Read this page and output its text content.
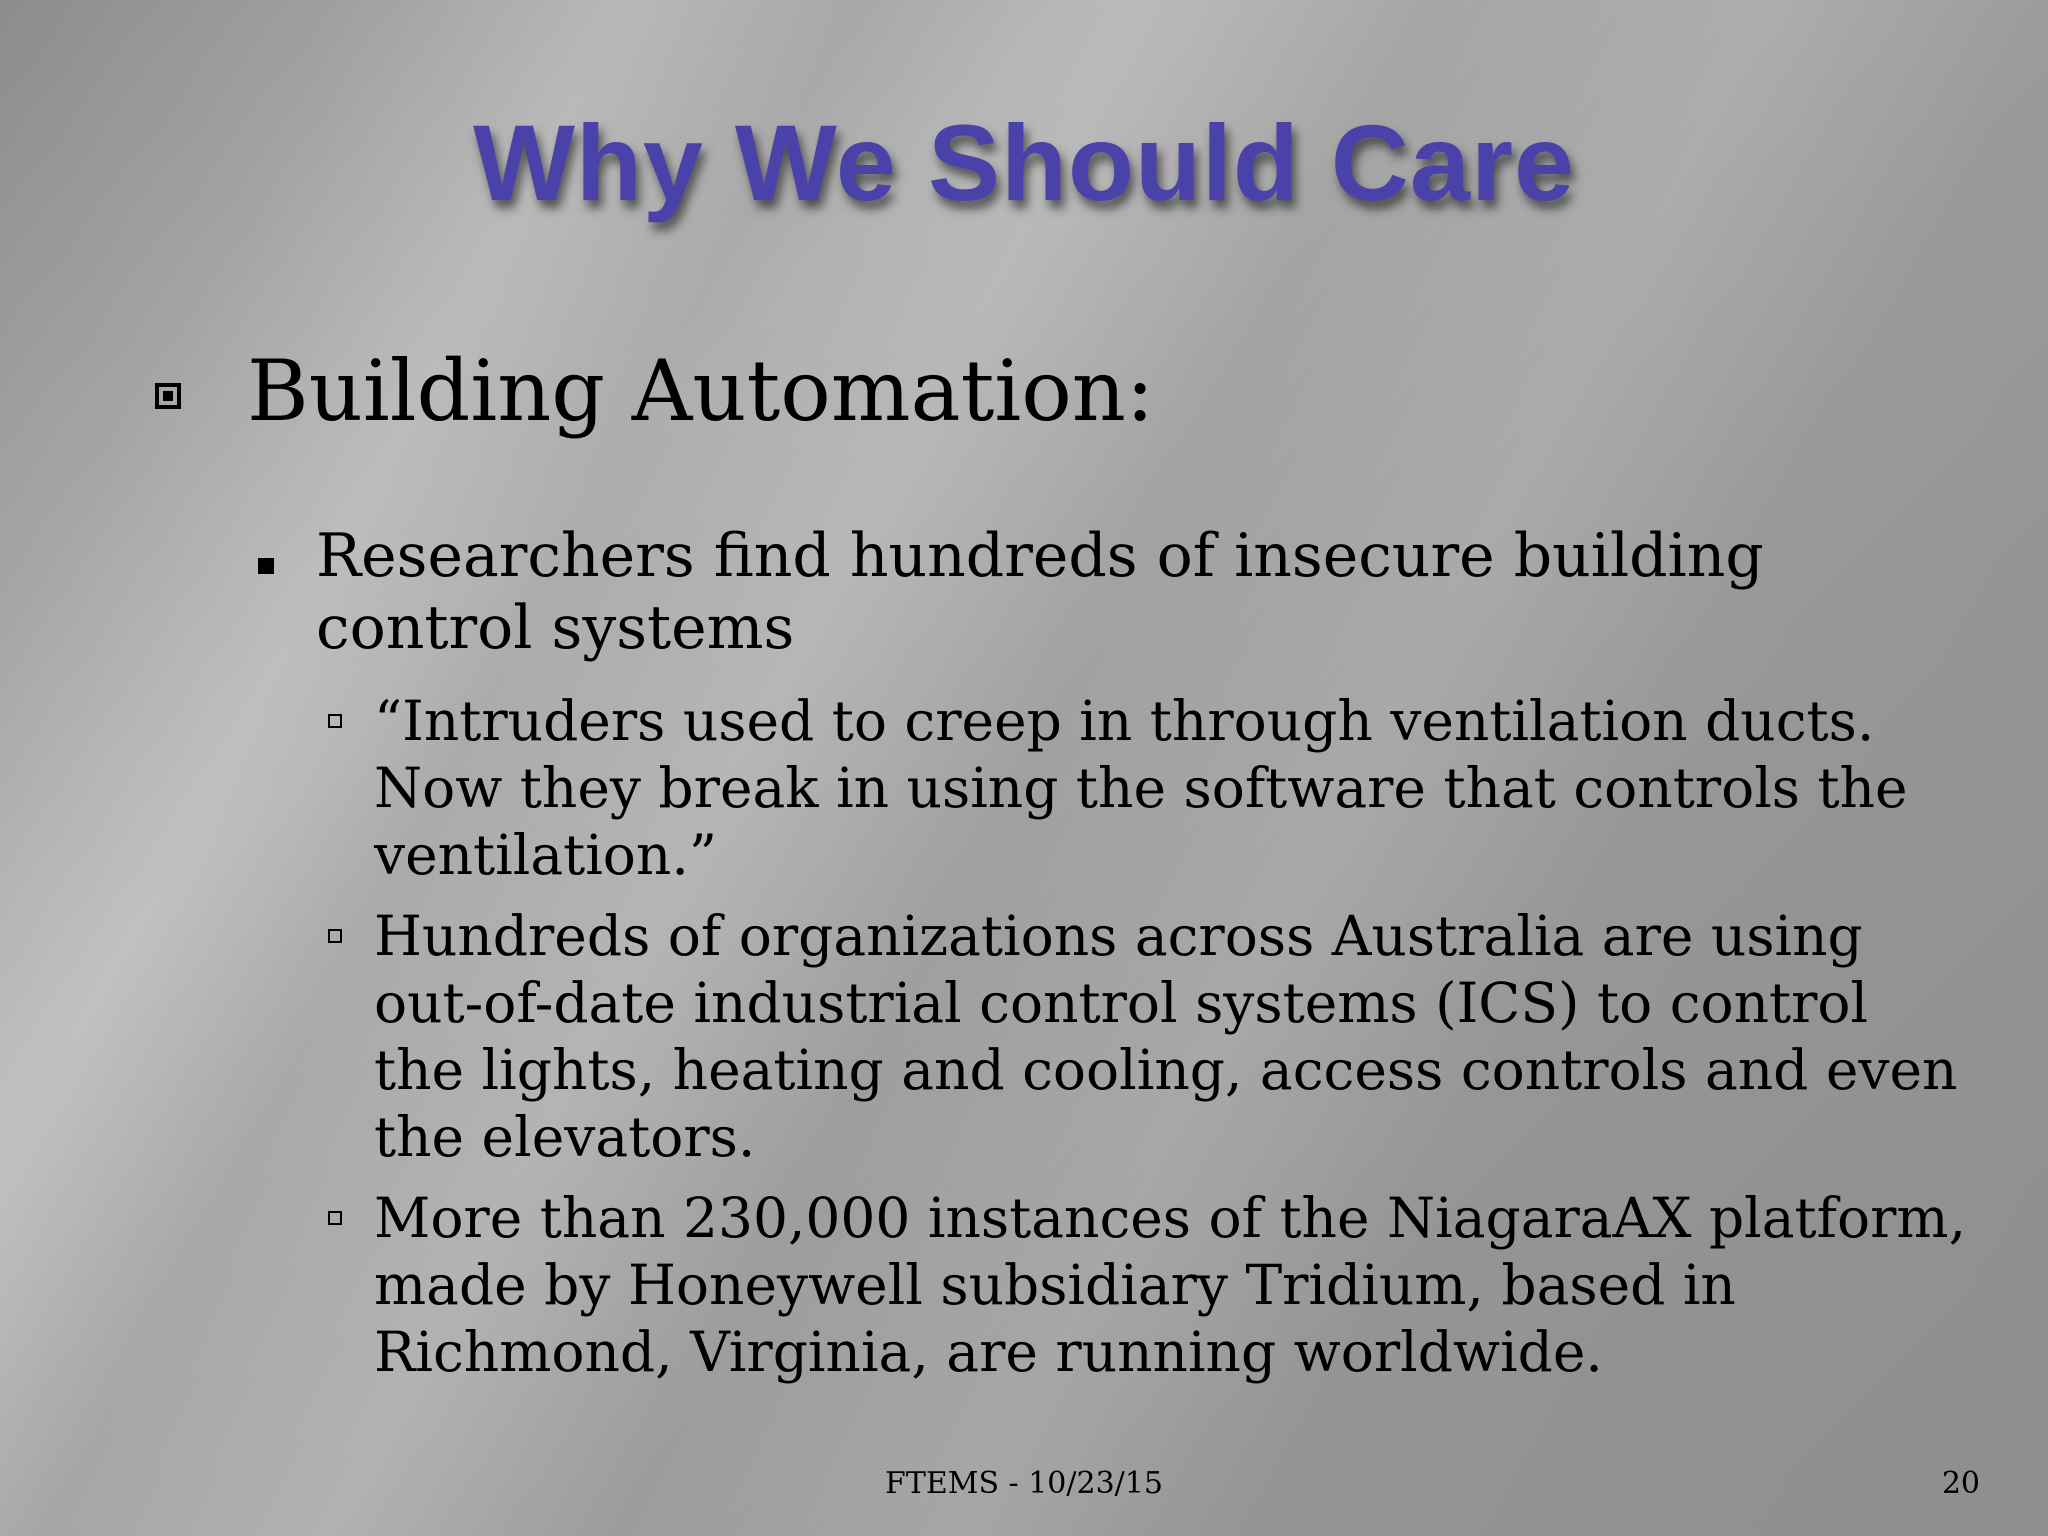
Why We Should Care
Building Automation:
Researchers find hundreds of insecure building control systems
“Intruders used to creep in through ventilation ducts. Now they break in using the software that controls the ventilation.”
Hundreds of organizations across Australia are using out-of-date industrial control systems (ICS) to control the lights, heating and cooling, access controls and even the elevators.
More than 230,000 instances of the NiagaraAX platform, made by Honeywell subsidiary Tridium, based in Richmond, Virginia, are running worldwide.
FTEMS - 10/23/15	20
